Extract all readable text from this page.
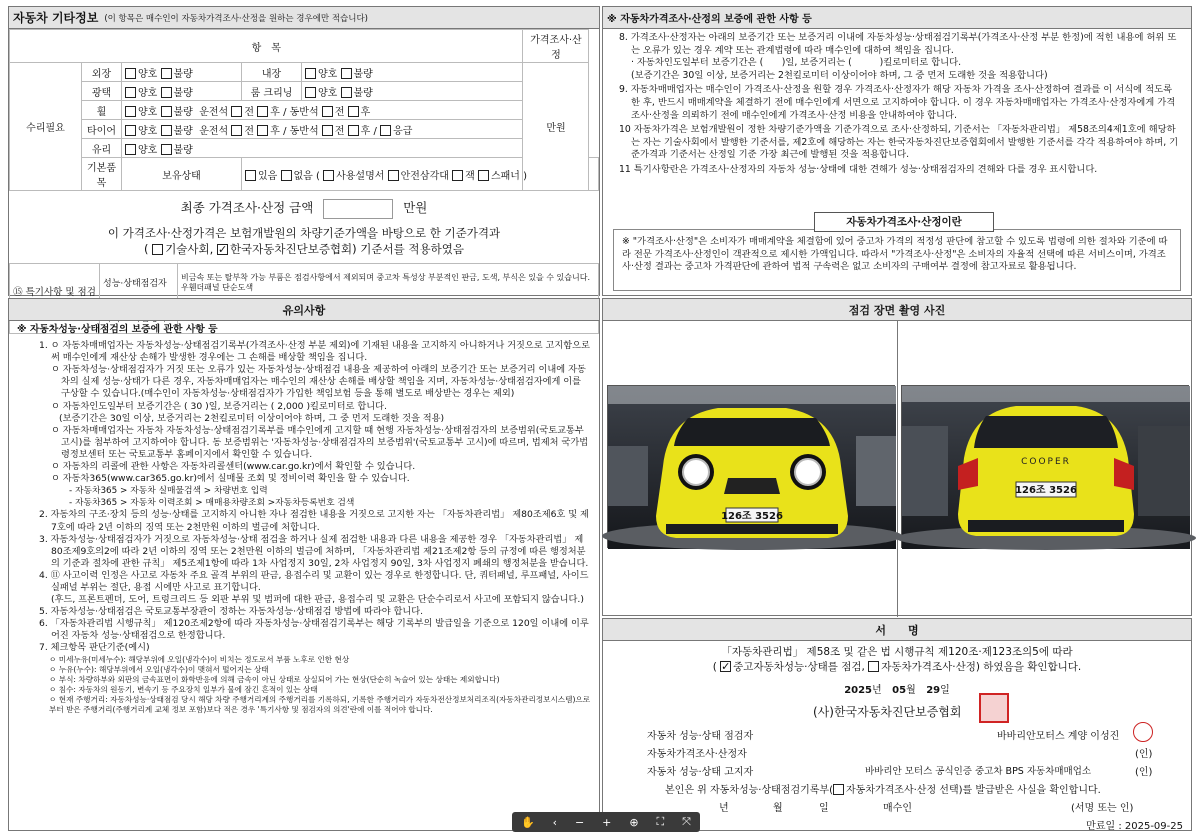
자동차 기타정보 (이 항목은 매수인이 자동차가격조사·산정을 원하는 경우에만 적습니다)
항　목					가격조사·산정	
수리필요	외장	양호 불량	내장	양호 불량	만원	
	광택	양호 불량	룸 크리닝	양호 불량		
	휠	양호 불량 운전석 전 후 / 동반석 전 후				
	타이어	양호 불량 운전석 전 후 / 동반석 전 후 / 응급				
	유리	양호 불량				
	기본품목	보유상태	있음 없음 ( 사용설명서 안전삼각대 잭 스패너 )			
최종 가격조사·산정 금액	만원
이 가격조사·산정가격은 보험개발원의 차량기준가액을 바탕으로 한 기준가격과
( 기술사회, ✓한국자동차진단보증협회) 기준서를 적용하였음
⑮ 특기사항 및 점검	성능·상태점검자	비금속 또는 탈부착 가능 부품은 점검사항에서 제외되며 중고차 특성상 부분적인 판금, 도색, 부식은 있을 수 있습니다.
우휀더패널 단순도색

※ 자동차가격조사·산정의 보증에 관한 사항 등

8. 가격조사·산정자는 아래의 보증기간 또는 보증거리 이내에 자동차성능·상태점검기록부(가격조사·산정 부분 한정)에 적힌 내용에 허위 또는 오류가 있는 경우 계약 또는 관계법령에 따라 매수인에 대하여 책임을 집니다.

· 자동차인도일부터 보증기간은 (　　)일, 보증거리는 (　　　)킬로미터로 합니다.

(보증기간은 30일 이상, 보증거리는 2천킬로미터 이상이어야 하며, 그 중 먼저 도래한 것을 적용합니다)

9. 자동차매매업자는 매수인이 가격조사·산정을 원할 경우 가격조사·산정자가 해당 자동차 가격을 조사·산정하여 결과를 이 서식에 적도록 한 후, 반드시 매매계약을 체결하기 전에 매수인에게 서면으로 고지하여야 합니다. 이 경우 자동차매매업자는 가격조사·산정자에게 가격조사·산정을 의뢰하기 전에 매수인에게 가격조사·산정 비용을 안내하여야 합니다.

10 자동차가격은 보험개발원이 정한 차량기준가액을 기준가격으로 조사·산정하되, 기준서는 「자동차관리법」 제58조의4제1호에 해당하는 자는 기술사회에서 발행한 기준서를, 제2호에 해당하는 자는 한국자동차진단보증협회에서 발행한 기준서를 각각 적용하여야 하며, 기준가격과 기준서는 산정일 기준 가장 최근에 발행된 것을 적용합니다.

11 특기사항란은 가격조사·산정자의 자동차 성능·상태에 대한 견해가 성능·상태점검자의 견해와 다를 경우 표시합니다.

자동차가격조사·산정이란
※ "가격조사·산정"은 소비자가 매매계약을 체결함에 있어 중고차 가격의 적정성 판단에 참고할 수 있도록 법령에 의한 절차와 기준에 따라 전문 가격조사·산정인이 객관적으로 제시한 가액입니다. 따라서 "가격조사·산정"은 소비자의 자율적 선택에 따른 서비스이며, 가격조사·산정 결과는 중고차 가격판단에 관하여 법적 구속력은 없고 소비자의 구매여부 결정에 참고자료로 활용됩니다.
유의사항

※ 자동차성능·상태점검의 보증에 관한 사항 등

1. ㅇ 자동차매매업자는 자동차성능·상태점검기록부(가격조사·산정 부분 제외)에 기재된 내용을 고지하지 아니하거나 거짓으로 고지함으로써 매수인에게 재산상 손해가 발생한 경우에는 그 손해를 배상할 책임을 집니다.

ㅇ 자동차성능·상태점검자가 거짓 또는 오류가 있는 자동차성능·상태점검 내용을 제공하여 아래의 보증기간 또는 보증거리 이내에 자동차의 실제 성능·상태가 다른 경우, 자동차매매업자는 매수인의 재산상 손해를 배상할 책임을 지며, 자동차성능·상태점검자에게 이를 구상할 수 있습니다.(매수인이 자동차성능·상태점검자가 가입한 책임보험 등을 통해 별도로 배상받는 경우는 제외)

ㅇ 자동차인도일부터 보증기간은 ( 30 )일, 보증거리는 ( 2,000 )킬로미터로 합니다.

(보증기간은 30일 이상, 보증거리는 2천킬로미터 이상이어야 하며, 그 중 먼저 도래한 것을 적용)

ㅇ 자동차매매업자는 자동차 자동차성능·상태점검기록부를 매수인에게 고지할 때 현행 자동차성능·상태점검자의 보증범위(국토교통부 고시)를 첨부하여 고지하여야 합니다. 동 보증범위는 '자동차성능·상태점검자의 보증범위'(국토교통부 고시)에 따르며, 법제처 국가법령정보센터 또는 국토교통부 홈페이지에서 확인할 수 있습니다.

ㅇ 자동차의 리콜에 관한 사항은 자동차리콜센터(www.car.go.kr)에서 확인할 수 있습니다.

ㅇ 자동차365(www.car365.go.kr)에서 실매물 조회 및 정비이력 확인을 할 수 있습니다.

- 자동차365 > 자동차 실매물검색 > 차량번호 입력

- 자동차365 > 자동차 이력조회 > 매매용차량조회 >자동차등록번호 검색

2. 자동차의 구조·장치 등의 성능·상태를 고지하지 아니한 자나 점검한 내용을 거짓으로 고지한 자는 「자동차관리법」 제80조제6호 및 제7호에 따라 2년 이하의 징역 또는 2천만원 이하의 벌금에 처합니다.

3. 자동차성능·상태점검자가 거짓으로 자동차성능·상태 점검을 하거나 실제 점검한 내용과 다른 내용을 제공한 경우 「자동차관리법」 제80조제9호의2에 따라 2년 이하의 징역 또는 2천만원 이하의 벌금에 처하며, 「자동차관리법 제21조제2항 등의 규정에 따른 행정처분의 기준과 절차에 관한 규칙」 제5조제1항에 따라 1차 사업정지 30일, 2차 사업정지 90일, 3차 사업정지 폐쇄의 행정처분을 받습니다.

4. ⑪ 사고이력 인정은 사고로 자동차 주요 골격 부위의 판금, 용접수리 및 교환이 있는 경우로 한정합니다. 단, 쿼터패널, 루프패널, 사이드실패널 부위는 절단, 용접 시에만 사고로 표기합니다.

(후드, 프론트펜더, 도어, 트렁크리드 등 외판 부위 및 범퍼에 대한 판금, 용접수리 및 교환은 단순수리로서 사고에 포함되지 않습니다.)

5. 자동차성능·상태점검은 국토교통부장관이 정하는 자동차성능·상태점검 방법에 따라야 합니다.

6. 「자동차관리법 시행규칙」 제120조제2항에 따라 자동차성능·상태점검기록부는 해당 기록부의 발급일을 기준으로 120일 이내에 이루어진 자동차 성능·상태점검으로 한정합니다.

7. 체크항목 판단기준(예시)

ㅇ 미세누유(미세누수): 해당부위에 오일(냉각수)이 비치는 정도로서 부품 노후로 인한 현상

ㅇ 누유(누수): 해당부위에서 오일(냉각수)이 맺혀서 떨어지는 상태

ㅇ 부식: 차량하부와 외판의 금속표면이 화학반응에 의해 금속이 아닌 상태로 상실되어 가는 현상(단순히 녹슬어 있는 상태는 제외합니다)

ㅇ 침수: 자동차의 원동기, 변속기 등 주요장치 일부가 물에 잠긴 흔적이 있는 상태

ㅇ 현재 주행거리: 자동차성능·상태점검 당시 해당 차량 주행거리계의 주행거리를 기록하되, 기록한 주행거리가 자동차전산정보처리조직(자동차관리정보시스템)으로부터 받은 주행거리(주행거리계 교체 정보 포함)보다 적은 경우 '특기사항 및 점검자의 의견'란에 이를 적어야 합니다.

점검 장면 촬영 사진
126조 3526
COOPER
126조 3526
서　　명
「자동차관리법」 제58조 및 같은 법 시행규칙 제120조·제123조의5에 따라
( ✓중고자동차성능·상태를 점검, 자동차가격조사·산정) 하였음을 확인합니다.
2025년 05월 29일
(사)한국자동차진단보증협회
자동차 성능·상태 점검자	바바리안모터스 계양 이성진
자동차가격조사·산정자	(인)
자동차 성능·상태 고지자	바바리안 모터스 공식인증 중고차 BPS 자동차매매업소	(인)
본인은 위 자동차성능·상태점검기록부( 자동차가격조사·산정 선택)를 발급받은 사실을 확인합니다.
년	월	일	매수인	(서명 또는 인)
만료일 : 2025-09-25
✋ ‹ − + ⊕ ⛶ ⤧
